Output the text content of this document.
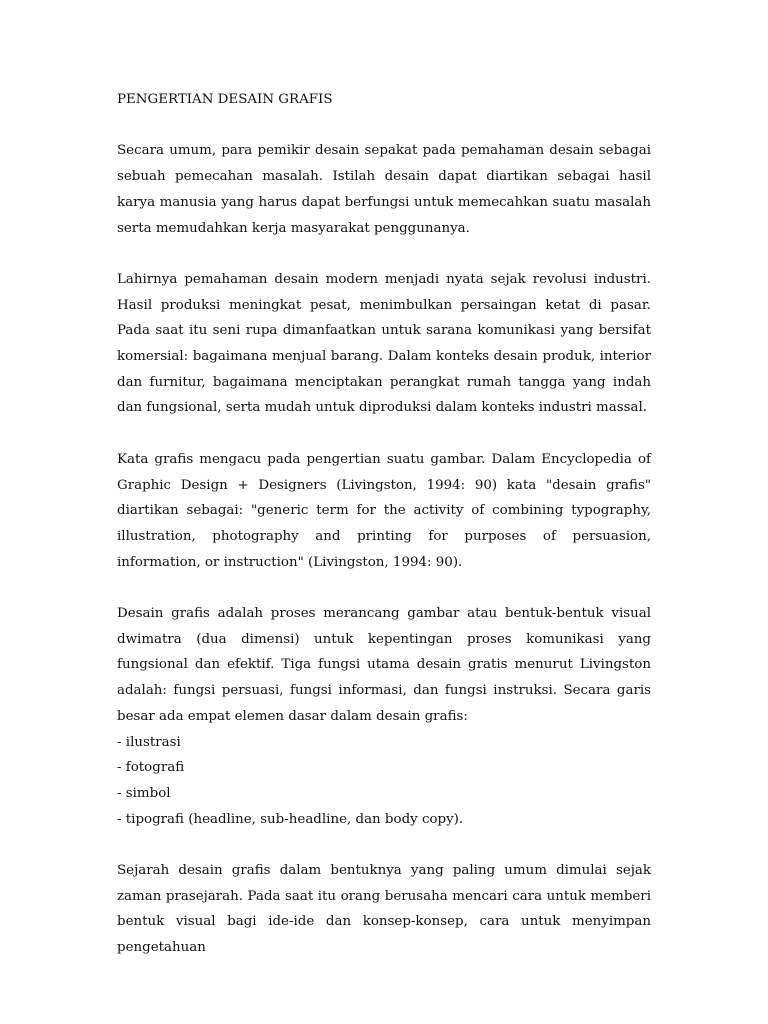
PENGERTIAN DESAIN GRAFIS

Secara umum, para pemikir desain sepakat pada pemahaman desain sebagai sebuah pemecahan masalah. Istilah desain dapat diartikan sebagai hasil karya manusia yang harus dapat berfungsi untuk memecahkan suatu masalah serta memudahkan kerja masyarakat penggunanya.

Lahirnya pemahaman desain modern menjadi nyata sejak revolusi industri. Hasil produksi meningkat pesat, menimbulkan persaingan ketat di pasar. Pada saat itu seni rupa dimanfaatkan untuk sarana komunikasi yang bersifat komersial: bagaimana menjual barang. Dalam konteks desain produk, interior dan furnitur, bagaimana menciptakan perangkat rumah tangga yang indah dan fungsional, serta mudah untuk diproduksi dalam konteks industri massal.

Kata grafis mengacu pada pengertian suatu gambar. Dalam Encyclopedia of Graphic Design + Designers (Livingston, 1994: 90) kata "desain grafis" diartikan sebagai: "generic term for the activity of combining typography, illustration, photography and printing for purposes of persuasion, information, or instruction" (Livingston, 1994: 90).

Desain grafis adalah proses merancang gambar atau bentuk-bentuk visual dwimatra (dua dimensi) untuk kepentingan proses komunikasi yang fungsional dan efektif. Tiga fungsi utama desain gratis menurut Livingston adalah: fungsi persuasi, fungsi informasi, dan fungsi instruksi. Secara garis besar ada empat elemen dasar dalam desain grafis:

- ilustrasi
- fotografi
- simbol
- tipografi (headline, sub-headline, dan body copy).

Sejarah desain grafis dalam bentuknya yang paling umum dimulai sejak zaman prasejarah. Pada saat itu orang berusaha mencari cara untuk memberi bentuk visual bagi ide-ide dan konsep-konsep, cara untuk menyimpan pengetahuan
